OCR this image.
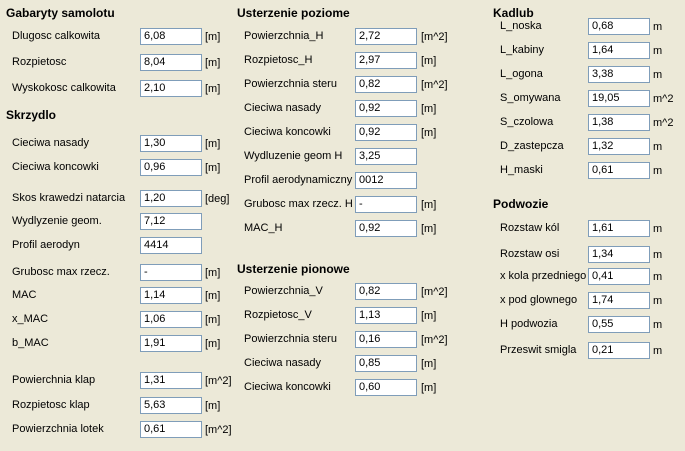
Gabaryty samolotu
Dlugosc calkowita	6,08	[m]
Rozpietosc	8,04	[m]
Wyskokosc calkowita	2,10	[m]
Skrzydlo
Cieciwa nasady	1,30	[m]
Cieciwa koncowki	0,96	[m]
Skos krawedzi natarcia	1,20	[deg]
Wydlyzenie geom.	7,12
Profil aerodyn	4414
Grubosc max rzecz.	-	[m]
MAC	1,14	[m]
x_MAC	1,06	[m]
b_MAC	1,91	[m]
Powierchnia klap	1,31	[m^2]
Rozpietosc klap	5,63	[m]
Powierzchnia lotek	0,61	[m^2]
Usterzenie poziome
Powierzchnia_H	2,72	[m^2]
Rozpietosc_H	2,97	[m]
Powierzchnia steru	0,82	[m^2]
Cieciwa nasady	0,92	[m]
Cieciwa koncowki	0,92	[m]
Wydluzenie geom H	3,25
Profil aerodynamiczny 0012
Grubosc max rzecz. H -	[m]
MAC_H	0,92	[m]
Usterzenie pionowe
Powierzchnia_V	0,82	[m^2]
Rozpietosc_V	1,13	[m]
Powierzchnia steru	0,16	[m^2]
Cieciwa nasady	0,85	[m]
Cieciwa koncowki	0,60	[m]
Kadlub
L_noska	0,68	m
L_kabiny	1,64	m
L_ogona	3,38	m
S_omywana	19,05	m^2
S_czolowa	1,38	m^2
D_zastepcza	1,32	m
H_maski	0,61	m
Podwozie
Rozstaw kól	1,61	m
Rozstaw osi	1,34	m
x kola przedniego 0,41	m
x pod glownego	1,74	m
H podwozia	0,55	m
Przeswit smigla	0,21	m
